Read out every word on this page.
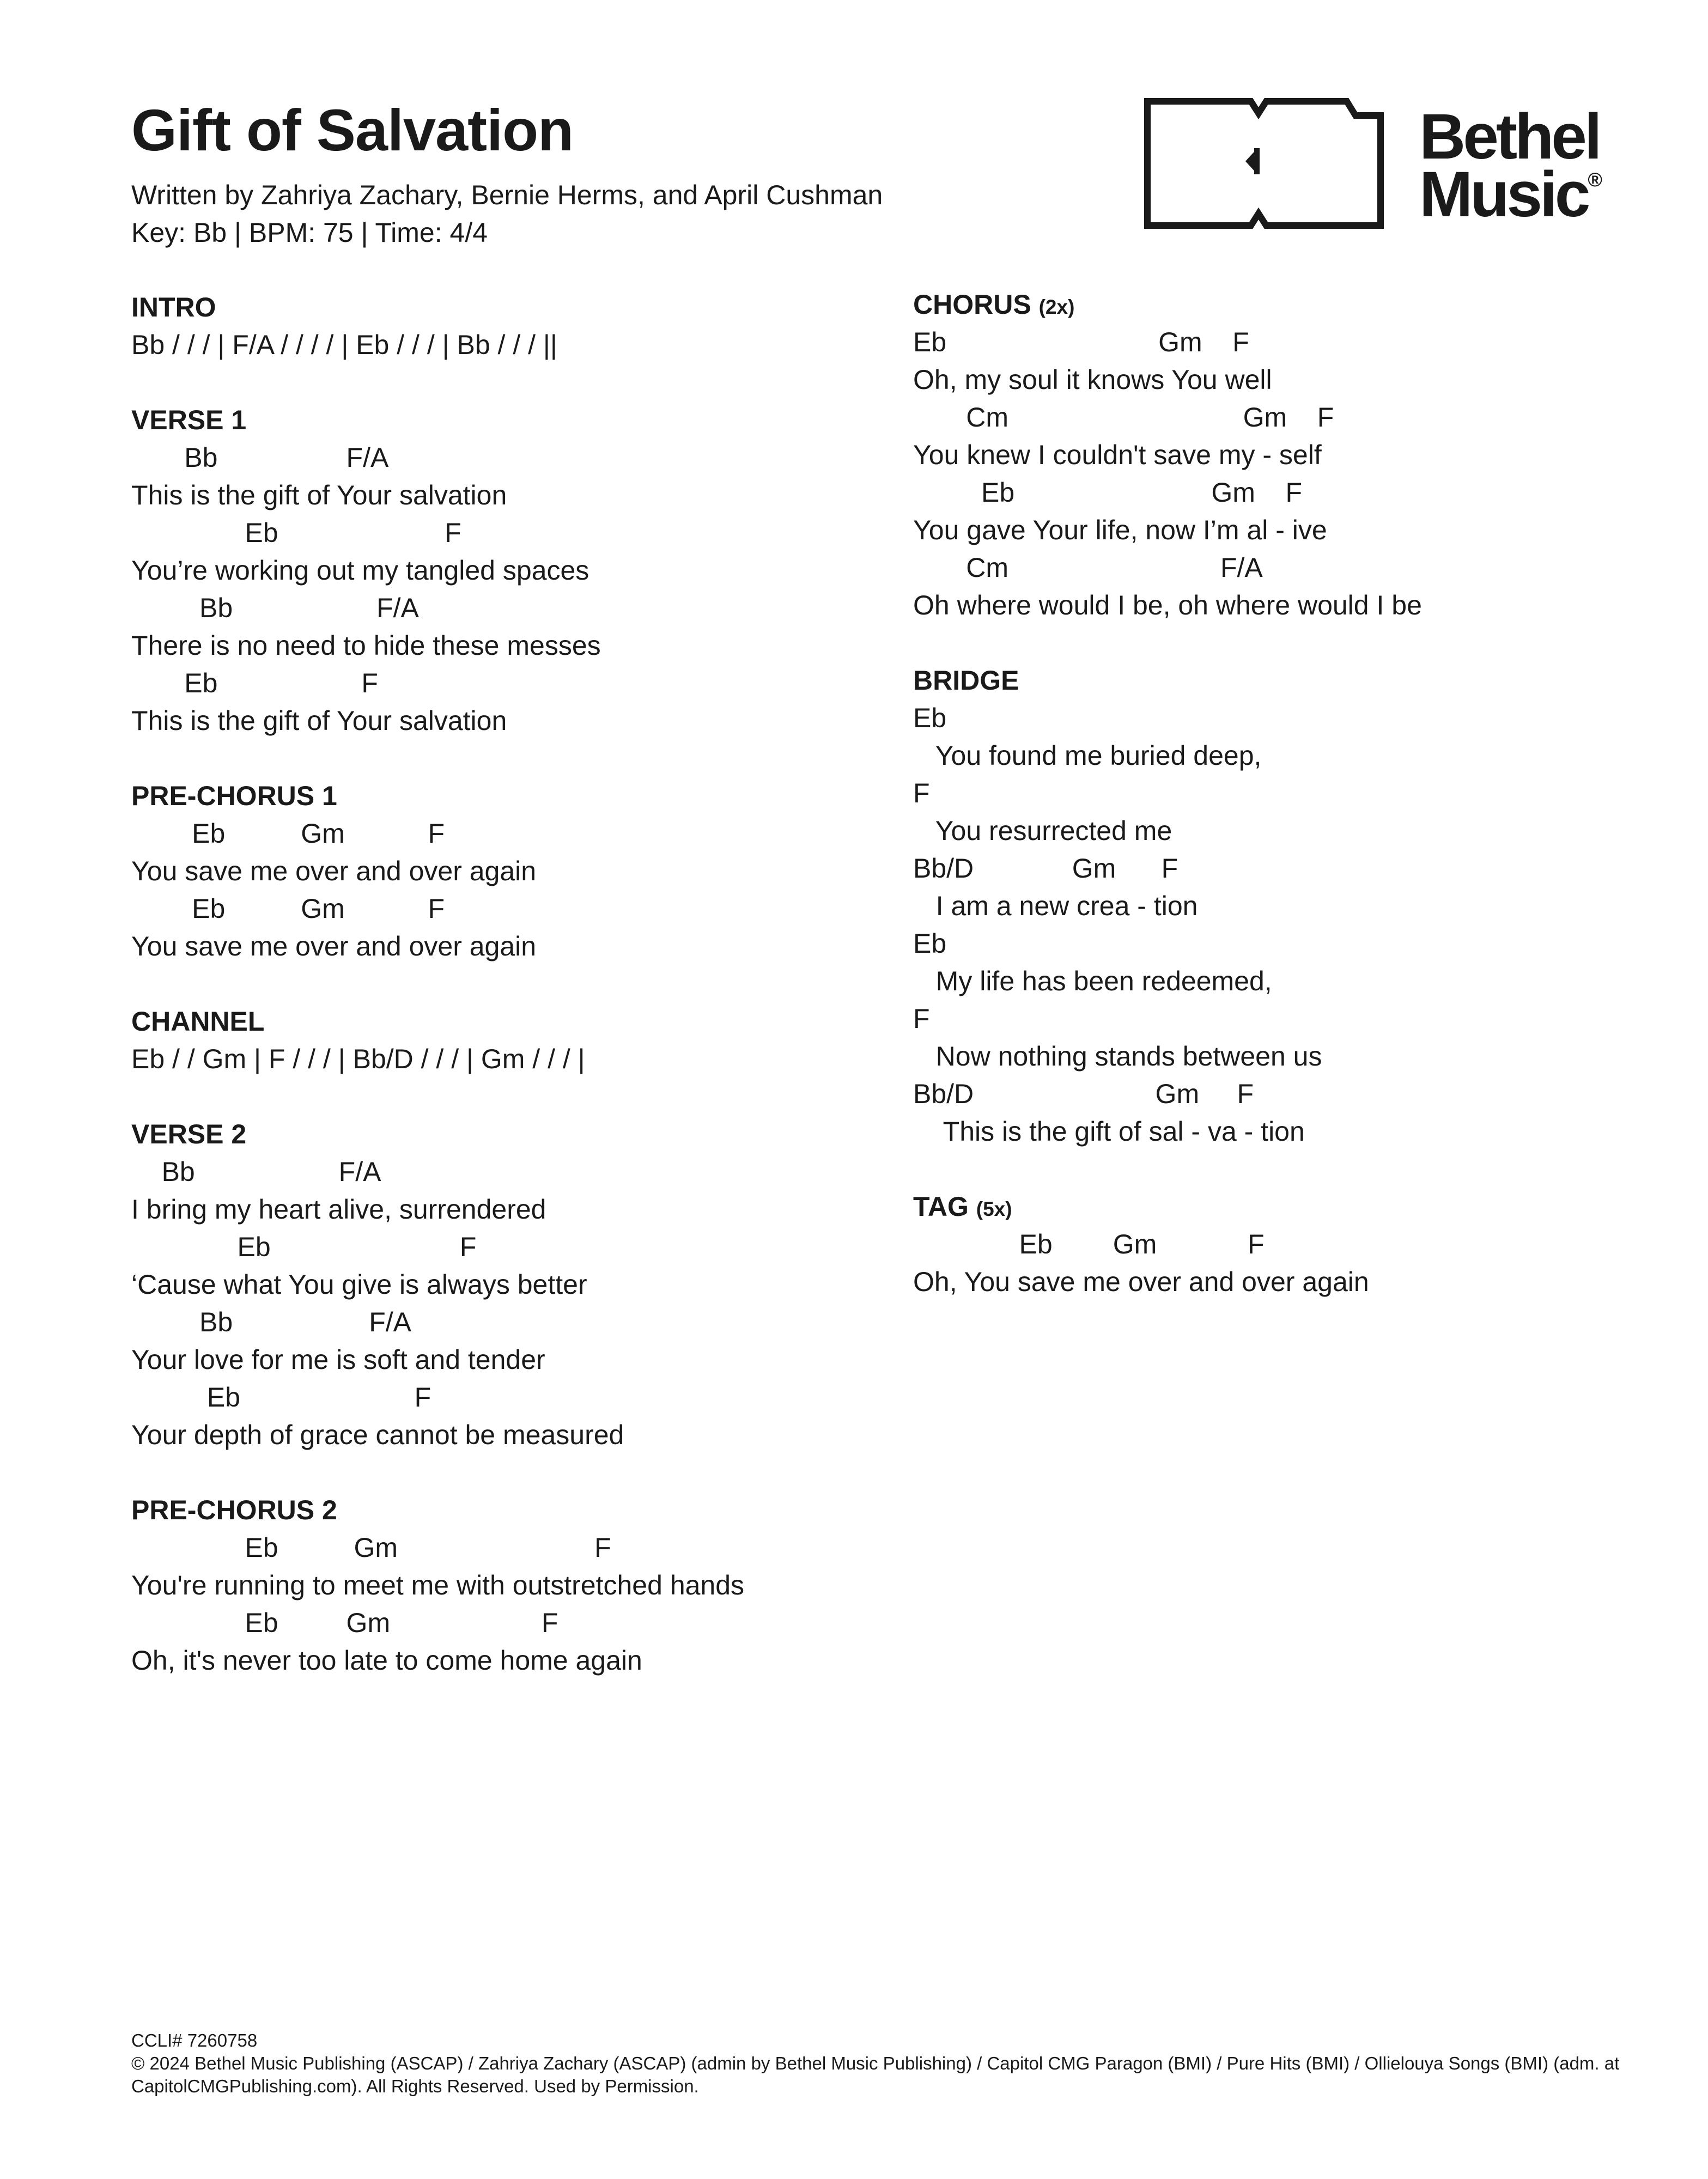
Gift of Salvation
Written by Zahriya Zachary, Bernie Herms, and April Cushman
Key: Bb | BPM: 75 | Time: 4/4
Bethel
Music®
INTRO
Bb / / / | F/A / / / / | Eb / / / | Bb / / / ||
VERSE 1
Bb                 F/A
This is the gift of Your salvation
Eb                      F
You’re working out my tangled spaces
Bb                   F/A
There is no need to hide these messes
Eb                   F
This is the gift of Your salvation
PRE-CHORUS 1
Eb          Gm           F
You save me over and over again
Eb          Gm           F
You save me over and over again
CHANNEL
Eb / / Gm | F / / / | Bb/D / / / | Gm / / / |
VERSE 2
Bb                   F/A
I bring my heart alive, surrendered
Eb                         F
‘Cause what You give is always better
Bb                  F/A
Your love for me is soft and tender
Eb                       F
Your depth of grace cannot be measured
PRE-CHORUS 2
Eb          Gm                          F
You're running to meet me with outstretched hands
Eb         Gm                    F
Oh, it's never too late to come home again
CHORUS (2x)
Eb                            Gm    F
Oh, my soul it knows You well
Cm                               Gm    F
You knew I couldn't save my - self
Eb                          Gm    F
You gave Your life, now I’m al - ive
Cm                            F/A
Oh where would I be, oh where would I be
BRIDGE
Eb
You found me buried deep,
F
You resurrected me
Bb/D             Gm      F
I am a new crea - tion
Eb
My life has been redeemed,
F
Now nothing stands between us
Bb/D                        Gm     F
This is the gift of sal - va - tion
TAG (5x)
Eb        Gm            F
Oh, You save me over and over again
CCLI# 7260758
© 2024 Bethel Music Publishing (ASCAP) / Zahriya Zachary (ASCAP) (admin by Bethel Music Publishing) / Capitol CMG Paragon (BMI) / Pure Hits (BMI) / Ollielouya Songs (BMI) (adm. at CapitolCMGPublishing.com). All Rights Reserved. Used by Permission.
